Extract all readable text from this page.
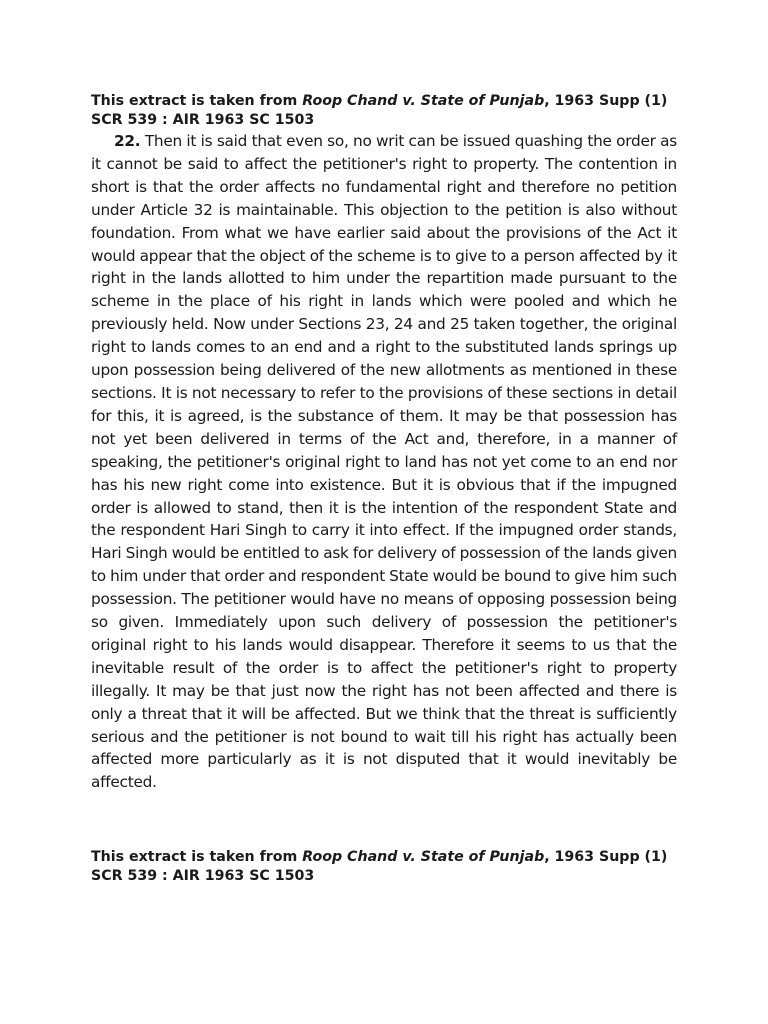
This extract is taken from Roop Chand v. State of Punjab, 1963 Supp (1) SCR 539 : AIR 1963 SC 1503

22. Then it is said that even so, no writ can be issued quashing the order as it cannot be said to affect the petitioner's right to property. The contention in short is that the order affects no fundamental right and therefore no petition under Article 32 is maintainable. This objection to the petition is also without foundation. From what we have earlier said about the provisions of the Act it would appear that the object of the scheme is to give to a person affected by it right in the lands allotted to him under the repartition made pursuant to the scheme in the place of his right in lands which were pooled and which he previously held. Now under Sections 23, 24 and 25 taken together, the original right to lands comes to an end and a right to the substituted lands springs up upon possession being delivered of the new allotments as mentioned in these sections. It is not necessary to refer to the provisions of these sections in detail for this, it is agreed, is the substance of them. It may be that possession has not yet been delivered in terms of the Act and, therefore, in a manner of speaking, the petitioner's original right to land has not yet come to an end nor has his new right come into existence. But it is obvious that if the impugned order is allowed to stand, then it is the intention of the respondent State and the respondent Hari Singh to carry it into effect. If the impugned order stands, Hari Singh would be entitled to ask for delivery of possession of the lands given to him under that order and respondent State would be bound to give him such possession. The petitioner would have no means of opposing possession being so given. Immediately upon such delivery of possession the petitioner's original right to his lands would disappear. Therefore it seems to us that the inevitable result of the order is to affect the petitioner's right to property illegally. It may be that just now the right has not been affected and there is only a threat that it will be affected. But we think that the threat is sufficiently serious and the petitioner is not bound to wait till his right has actually been affected more particularly as it is not disputed that it would inevitably be affected.

This extract is taken from Roop Chand v. State of Punjab, 1963 Supp (1) SCR 539 : AIR 1963 SC 1503
